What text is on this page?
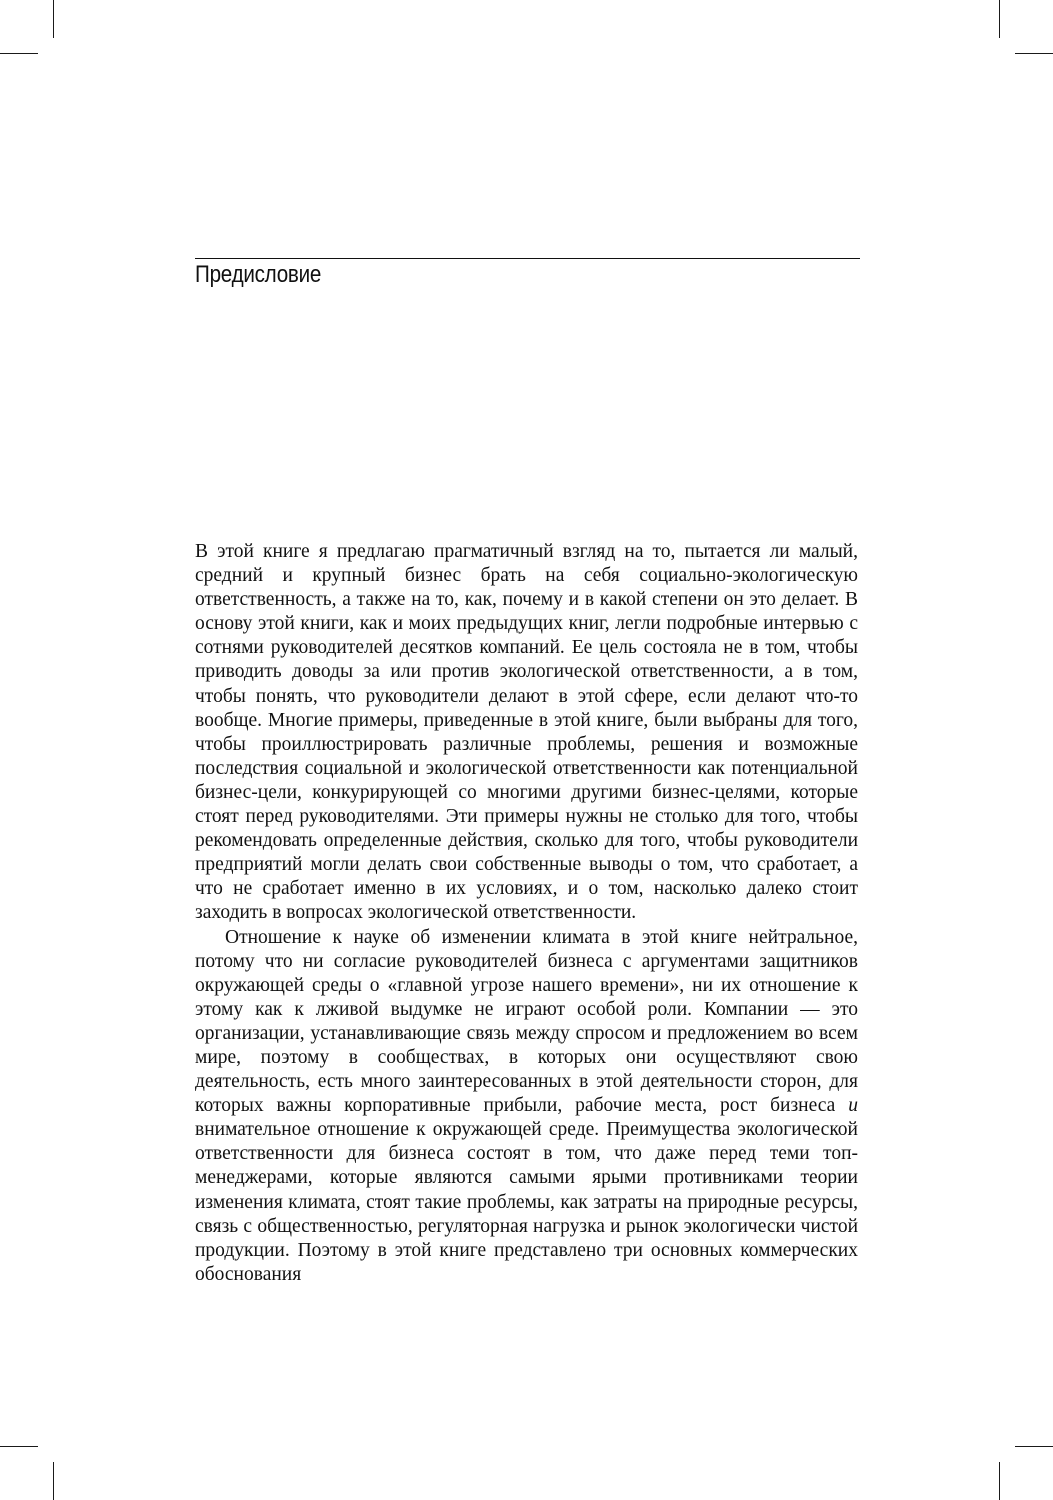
Предисловие

В этой книге я предлагаю прагматичный взгляд на то, пытается ли малый, средний и крупный бизнес брать на себя социально-экологическую ответственность, а также на то, как, почему и в какой степени он это делает. В основу этой книги, как и моих предыдущих книг, легли подробные интервью с сотнями руководителей десятков компаний. Ее цель состояла не в том, чтобы приводить доводы за или против экологической ответственности, а в том, чтобы понять, что руководители делают в этой сфере, если делают что-то вообще. Многие примеры, приведенные в этой книге, были выбраны для того, чтобы проиллюстрировать различные проблемы, решения и возможные последствия социальной и экологической ответственности как потенциальной бизнес-цели, конкурирующей со многими другими бизнес-целями, которые стоят перед руководителями. Эти примеры нужны не столько для того, чтобы рекомендовать определенные действия, сколько для того, чтобы руководители предприятий могли делать свои собственные выводы о том, что сработает, а что не сработает именно в их условиях, и о том, насколько далеко стоит заходить в вопросах экологической ответственности.

Отношение к науке об изменении климата в этой книге нейтральное, потому что ни согласие руководителей бизнеса с аргументами защитников окружающей среды о «главной угрозе нашего времени», ни их отношение к этому как к лживой выдумке не играют особой роли. Компании — это организации, устанавливающие связь между спросом и предложением во всем мире, поэтому в сообществах, в которых они осуществляют свою деятельность, есть много заинтересованных в этой деятельности сторон, для которых важны корпоративные прибыли, рабочие места, рост бизнеса и внимательное отношение к окружающей среде. Преимущества экологической ответственности для бизнеса состоят в том, что даже перед теми топ-менеджерами, которые являются самыми ярыми противниками теории изменения климата, стоят такие проблемы, как затраты на природные ресурсы, связь с общественностью, регуляторная нагрузка и рынок экологически чистой продукции. Поэтому в этой книге представлено три основных коммерческих обоснования
